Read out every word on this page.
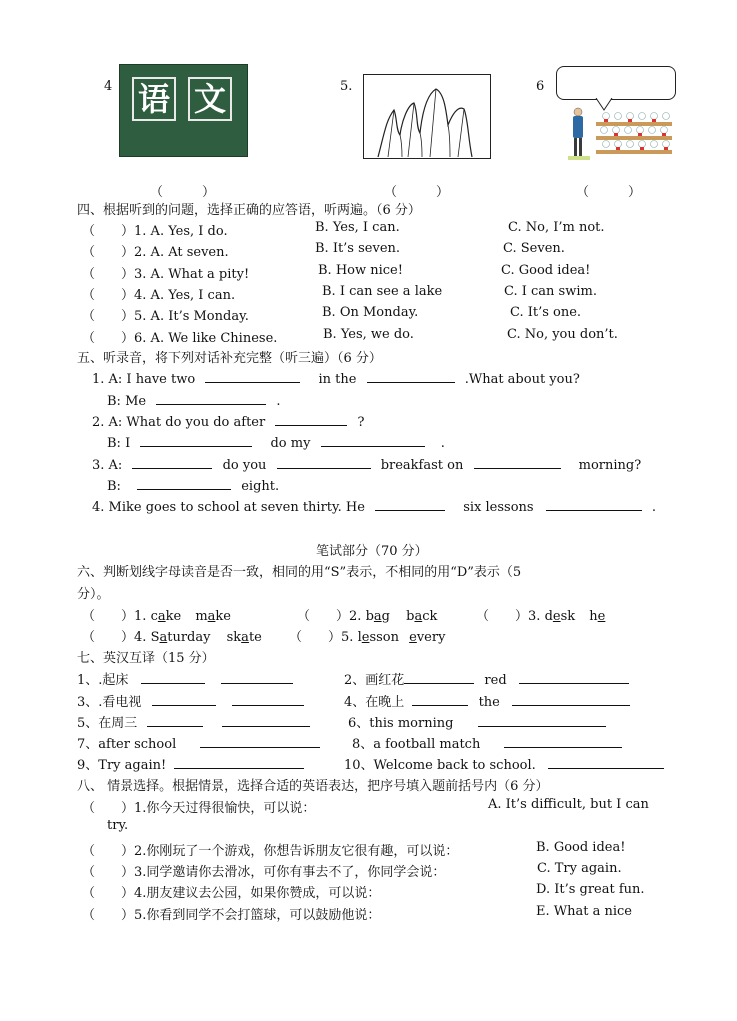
4 语 文	5.	6
（　　　）	（　　　）	（　　　）
四、根据听到的问题，选择正确的应答语，听两遍。（6 分）
（　　）1. A. Yes, I do.	B. Yes, I can.	C. No, I’m not.
（　　）2. A. At seven.	B. It’s seven.	C. Seven.
（　　）3. A. What a pity!	B. How nice!	C. Good idea!
（　　）4. A. Yes, I can.	B. I can see a lake	C. I can swim.
（　　）5. A. It’s Monday.	B. On Monday.	C. It’s one.
（　　）6. A. We like Chinese.	B. Yes, we do.	C. No, you don’t.
五、听录音，将下列对话补充完整（听三遍）（6 分）
1. A: I have two	in the	.What about you?
B: Me	.
2. A: What do you do after	?
B: I	do my	.
3. A:	do you	breakfast on	morning?
B:	eight.
4. Mike goes to school at seven thirty. He	six lessons	.
笔试部分（70 分）
六、判断划线字母读音是否一致，相同的用“S”表示，不相同的用“D”表示（5
分）。
（　　）1. cake make	（　　）2. bag back	（　　）3. desk he
（　　）4. Saturday skate （　　）5. lesson every
七、英汉互译（15 分）
1、.起床	2、画红花	red
3、.看电视	4、在晚上	the
5、在周三	6、this morning
7、after school	8、a football match
9、Try again!	10、Welcome back to school.
八、 情景选择。根据情景，选择合适的英语表达，把序号填入题前括号内（6 分）
（　　）1.你今天过得很愉快，可以说：	A. It’s difficult, but I can
try.
（　　）2.你刚玩了一个游戏，你想告诉朋友它很有趣，可以说：	B. Good idea!
（　　）3.同学邀请你去滑冰，可你有事去不了，你同学会说：	C. Try again.
（　　）4.朋友建议去公园，如果你赞成，可以说：	D. It’s great fun.
（　　）5.你看到同学不会打篮球，可以鼓励他说：	E. What a nice
